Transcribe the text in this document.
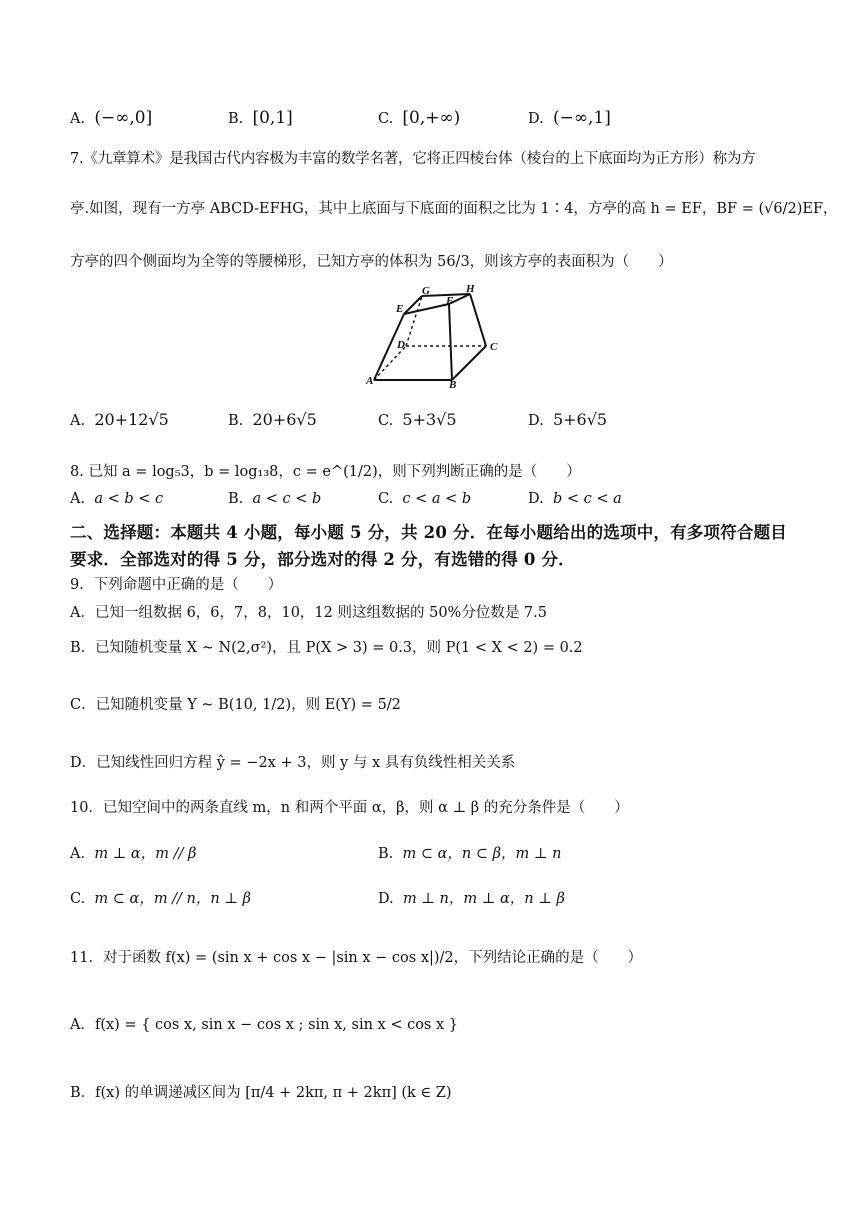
A. (−∞,0]	B. [0,1]	C. [0,+∞)	D. (−∞,1]
7.《九章算术》是我国古代内容极为丰富的数学名著，它将正四棱台体（棱台的上下底面均为正方形）称为方
亭.如图，现有一方亭 ABCD-EFHG，其中上底面与下底面的面积之比为 1∶4，方亭的高 h = EF，BF = (√6/2)EF，
方亭的四个侧面均为全等的等腰梯形，已知方亭的体积为 56/3，则该方亭的表面积为（　　）
G	H
E
F
D	C
A	B
A. 20+12√5	B. 20+6√5	C. 5+3√5	D. 5+6√5
8. 已知 a = log₅3，b = log₁₃8，c = e^(1/2)，则下列判断正确的是（　　）
A. a < b < c	B. a < c < b	C. c < a < b	D. b < c < a
二、选择题：本题共 4 小题，每小题 5 分，共 20 分．在每小题给出的选项中，有多项符合题目
要求．全部选对的得 5 分，部分选对的得 2 分，有选错的得 0 分．
9．下列命题中正确的是（　　）
A．已知一组数据 6，6，7，8，10，12 则这组数据的 50%分位数是 7.5
B．已知随机变量 X ~ N(2,σ²)，且 P(X > 3) = 0.3，则 P(1 < X < 2) = 0.2
C．已知随机变量 Y ~ B(10, 1/2)，则 E(Y) = 5/2
D．已知线性回归方程 ŷ = −2x + 3，则 y 与 x 具有负线性相关关系
10．已知空间中的两条直线 m，n 和两个平面 α，β，则 α ⊥ β 的充分条件是（　　）
A. m ⊥ α，m // β	B. m ⊂ α，n ⊂ β，m ⊥ n
C. m ⊂ α，m // n，n ⊥ β	D. m ⊥ n，m ⊥ α，n ⊥ β
11．对于函数 f(x) = (sin x + cos x − |sin x − cos x|)/2，下列结论正确的是（　　）
A．f(x) = { cos x, sin x − cos x ; sin x, sin x < cos x }
B．f(x) 的单调递减区间为 [π/4 + 2kπ, π + 2kπ] (k ∈ Z)
